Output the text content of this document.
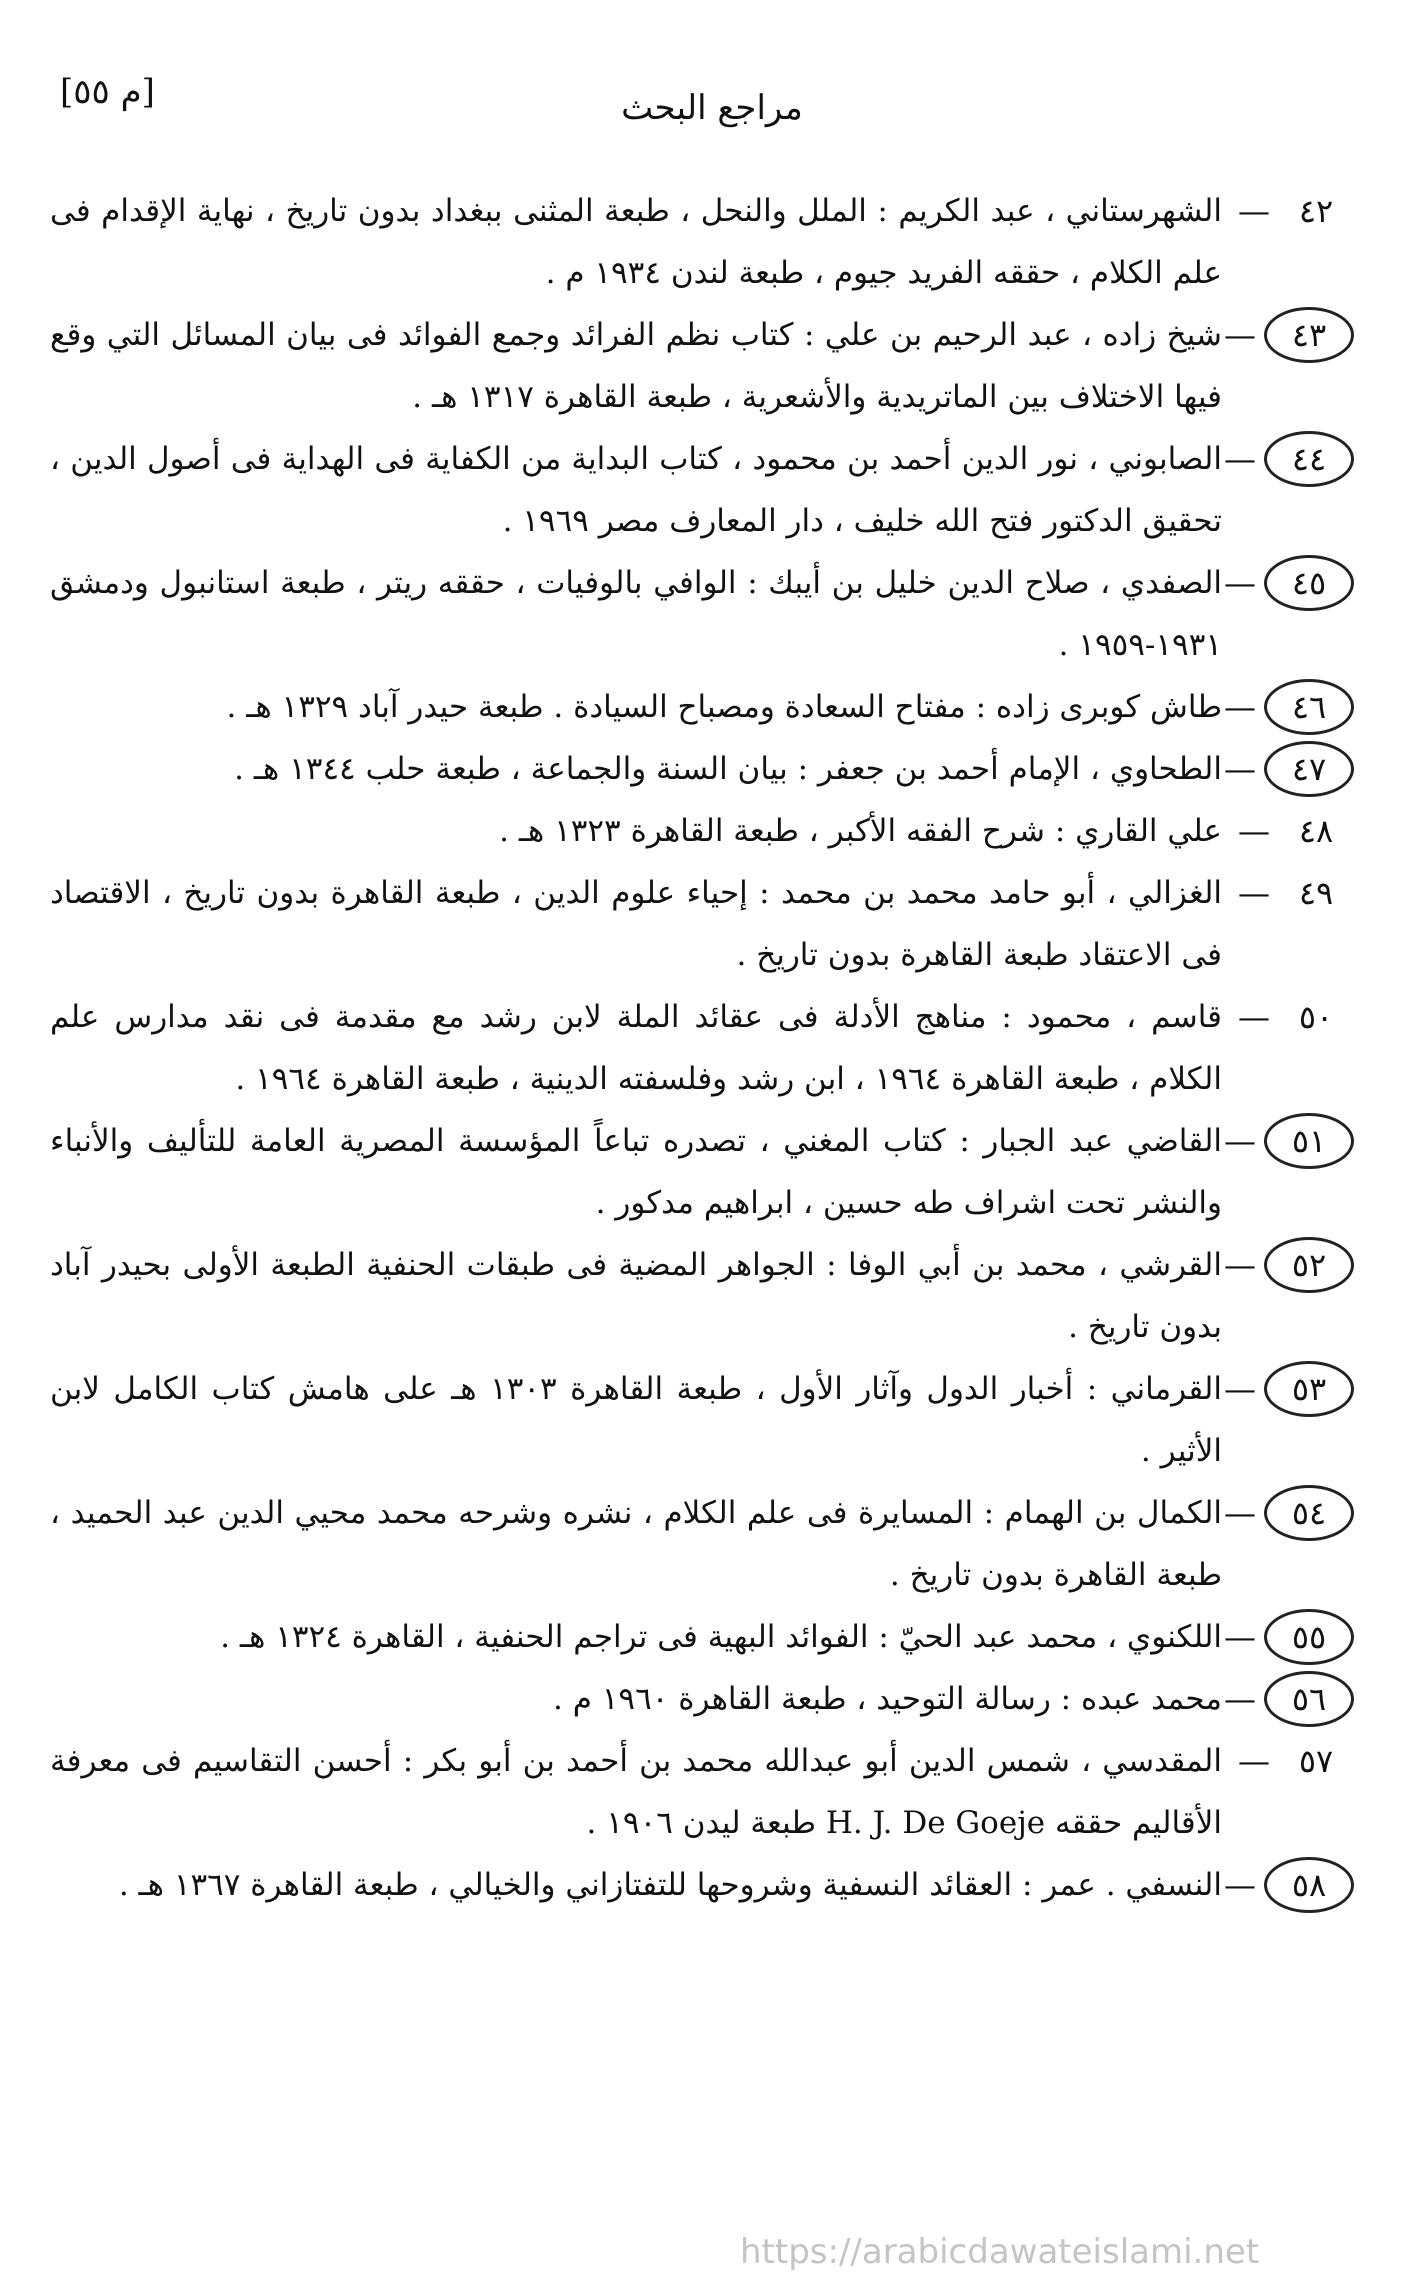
[م ٥٥]	مراجع البحث
٤٢
—
الشهرستاني ، عبد الكريم : الملل والنحل ، طبعة المثنى ببغداد بدون تاريخ ، نهاية الإقدام فى علم الكلام ، حققه الفريد جيوم ، طبعة لندن ١٩٣٤ م .
٤٣
—
شيخ زاده ، عبد الرحيم بن علي : كتاب نظم الفرائد وجمع الفوائد فى بيان المسائل التي وقع فيها الاختلاف بين الماتريدية والأشعرية ، طبعة القاهرة ١٣١٧ هـ .
٤٤
—
الصابوني ، نور الدين أحمد بن محمود ، كتاب البداية من الكفاية فى الهداية فى أصول الدين ، تحقيق الدكتور فتح الله خليف ، دار المعارف مصر ١٩٦٩ .
٤٥
—
الصفدي ، صلاح الدين خليل بن أيبك : الوافي بالوفيات ، حققه ريتر ، طبعة استانبول ودمشق ١٩٣١-١٩٥٩ .
٤٦
—
طاش كوبرى زاده : مفتاح السعادة ومصباح السيادة . طبعة حيدر آباد ١٣٢٩ هـ .
٤٧
—
الطحاوي ، الإمام أحمد بن جعفر : بيان السنة والجماعة ، طبعة حلب ١٣٤٤ هـ .
٤٨
—
علي القاري : شرح الفقه الأكبر ، طبعة القاهرة ١٣٢٣ هـ .
٤٩
—
الغزالي ، أبو حامد محمد بن محمد : إحياء علوم الدين ، طبعة القاهرة بدون تاريخ ، الاقتصاد فى الاعتقاد طبعة القاهرة بدون تاريخ .
٥٠
—
قاسم ، محمود : مناهج الأدلة فى عقائد الملة لابن رشد مع مقدمة فى نقد مدارس علم الكلام ، طبعة القاهرة ١٩٦٤ ، ابن رشد وفلسفته الدينية ، طبعة القاهرة ١٩٦٤ .
٥١
—
القاضي عبد الجبار : كتاب المغني ، تصدره تباعاً المؤسسة المصرية العامة للتأليف والأنباء والنشر تحت اشراف طه حسين ، ابراهيم مدكور .
٥٢
—
القرشي ، محمد بن أبي الوفا : الجواهر المضية فى طبقات الحنفية الطبعة الأولى بحيدر آباد بدون تاريخ .
٥٣
—
القرماني : أخبار الدول وآثار الأول ، طبعة القاهرة ١٣٠٣ هـ على هامش كتاب الكامل لابن الأثير .
٥٤
—
الكمال بن الهمام : المسايرة فى علم الكلام ، نشره وشرحه محمد محيي الدين عبد الحميد ، طبعة القاهرة بدون تاريخ .
٥٥
—
اللكنوي ، محمد عبد الحيّ : الفوائد البهية فى تراجم الحنفية ، القاهرة ١٣٢٤ هـ .
٥٦
—
محمد عبده : رسالة التوحيد ، طبعة القاهرة ١٩٦٠ م .
٥٧
—
المقدسي ، شمس الدين أبو عبدالله محمد بن أحمد بن أبو بكر : أحسن التقاسيم فى معرفة الأقاليم حققه H. J. De Goeje طبعة ليدن ١٩٠٦ .
٥٨
—
النسفي . عمر : العقائد النسفية وشروحها للتفتازاني والخيالي ، طبعة القاهرة ١٣٦٧ هـ .
https://arabicdawateislami.net
